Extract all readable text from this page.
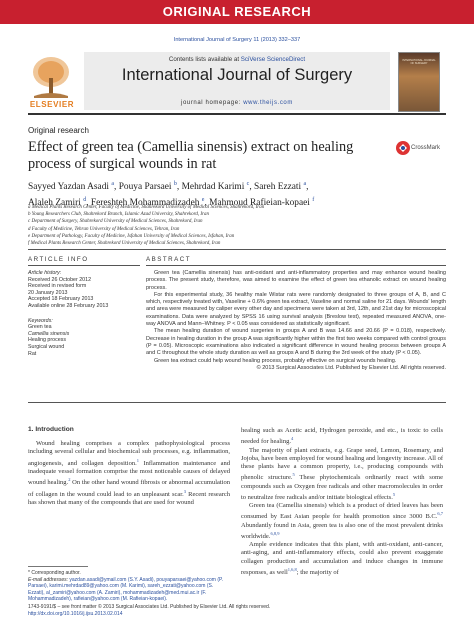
ORIGINAL RESEARCH
International Journal of Surgery 11 (2013) 332–337
ELSEVIER
Contents lists available at SciVerse ScienceDirect
International Journal of Surgery
journal homepage: www.theijs.com
INTERNATIONAL JOURNAL OF SURGERY
Original research
Effect of green tea (Camellia sinensis) extract on healing process of surgical wounds in rat
CrossMark
Sayyed Yazdan Asadi $^a$, Pouya Parsaei $^b$, Mehrdad Karimi $^c$, Sareh Ezzati $^a$,
Alaleh Zamiri $^d$, Fereshteh Mohammadizadeh $^e$, Mahmoud Rafieian-kopaei $^f$
a Medical Plants Research Center, Faculty of Medicine, Shahrekord University of Medical Sciences, Shahrekord, Iran
b Young Researchers Club, Shahrekord Branch, Islamic Azad University, Shahrekord, Iran
c Department of Surgery, Shahrekord University of Medical Sciences, Shahrekord, Iran
d Faculty of Medicine, Tehran University of Medical Sciences, Tehran, Iran
e Department of Pathology, Faculty of Medicine, Isfahan University of Medical Sciences, Isfahan, Iran
f Medical Plants Research Center, Shahrekord University of Medical Sciences, Shahrekord, Iran
ARTICLE INFO	ABSTRACT
Article history:
Received 26 October 2012
Received in revised form
20 January 2013
Accepted 18 February 2013
Available online 28 February 2013
Keywords:
Green tea
Camellia sinensis
Healing process
Surgical wound
Rat

Green tea (Camellia sinensis) has anti-oxidant and anti-inflammatory properties and may enhance wound healing process. The present study, therefore, was aimed to examine the effect of green tea ethanolic extract on wound healing process.

For this experimental study, 36 healthy male Wistar rats were randomly designated to three groups of A, B, and C which, respectively treated with, Vaseline + 0.6% green tea extract, Vaseline and normal saline for 21 days. Wounds' length and area were measured by caliper every other day and specimens were taken at 3rd, 12th, and 21st day for microscopical examinations. Data were analyzed by SPSS 16 using survival analysis (Breslow test), repeated measured ANOVA, one-way ANOVA and Mann–Whitney. P < 0.05 was considered as statistically significant.

The mean healing duration of wound surgeries in groups A and B was 14.66 and 20.66 (P = 0.018), respectively. Decrease in healing duration in the group A was significantly higher within the first two weeks compared with control groups (P = 0.05). Microscopic examinations also indicated a significant difference in wound healing process between groups A and C throughout the whole study duration as well as groups A and B during the 3rd week of the study (P < 0.05).

Green tea extract could help wound healing process, probably effective on surgical wounds healing.

© 2013 Surgical Associates Ltd. Published by Elsevier Ltd. All rights reserved.

1. Introduction

Wound healing comprises a complex pathophysiological process including several cellular and biochemical sub processes, e.g. inflammation, angiogenesis, and collagen deposition.$^1$ Inflammation maintenance and inadequate vessel formation comprise the most noticeable causes of delayed wound healing.$^2$ On the other hand wound fibrosis or abnormal accumulation of collagen in the wound could lead to an unpleasant scar.$^3$ Recent research has shown that many of the compounds that are used for wound

healing such as Acetic acid, Hydrogen peroxide, and etc., is toxic to cells needed for healing.$^4$

The majority of plant extracts, e.g. Grape seed, Lemon, Rosemary, and Jojoba, have been employed for wound healing and longevity increase. All of these plants have a common property, i.e., producing compounds with phenolic structure.$^5$ These phytochemicals ordinarily react with some compounds such as Oxygen free radicals and other macromolecules in order to neutralize free radicals and/or initiate biological effects.$^5$

Green tea (Camellia sinensis) which is a product of dried leaves has been consumed by East Asian people for health promotion since 3000 B.C.$^{6,7}$ Abundantly found in Asia, green tea is also one of the most prevalent drinks worldwide.$^{6,8,9}$

Ample evidence indicates that this plant, with anti-oxidant, anti-cancer, anti-aging, and anti-inflammatory effects, could also prevent exaggerate collagen production and accumulation and induce changes in immune responses, as well$^{1,6,8}$; the majority of

* Corresponding author.
E-mail addresses: yazdan.asadi@ymail.com (S.Y. Asadi), pouyaparsaei@yahoo.com (P. Parsaei), karimi.mehrdad89@yahoo.com (M. Karimi), sareh_ezzati@yahoo.com (S. Ezzati), al_zamiri@yahoo.com (A. Zamiri), mohammadizadeh@med.mui.ac.ir (F. Mohammadizadeh), rafieian@yahoo.com (M. Rafieian-kopaei).
1743-9191/$ – see front matter © 2013 Surgical Associates Ltd. Published by Elsevier Ltd. All rights reserved.
http://dx.doi.org/10.1016/j.ijsu.2013.02.014
